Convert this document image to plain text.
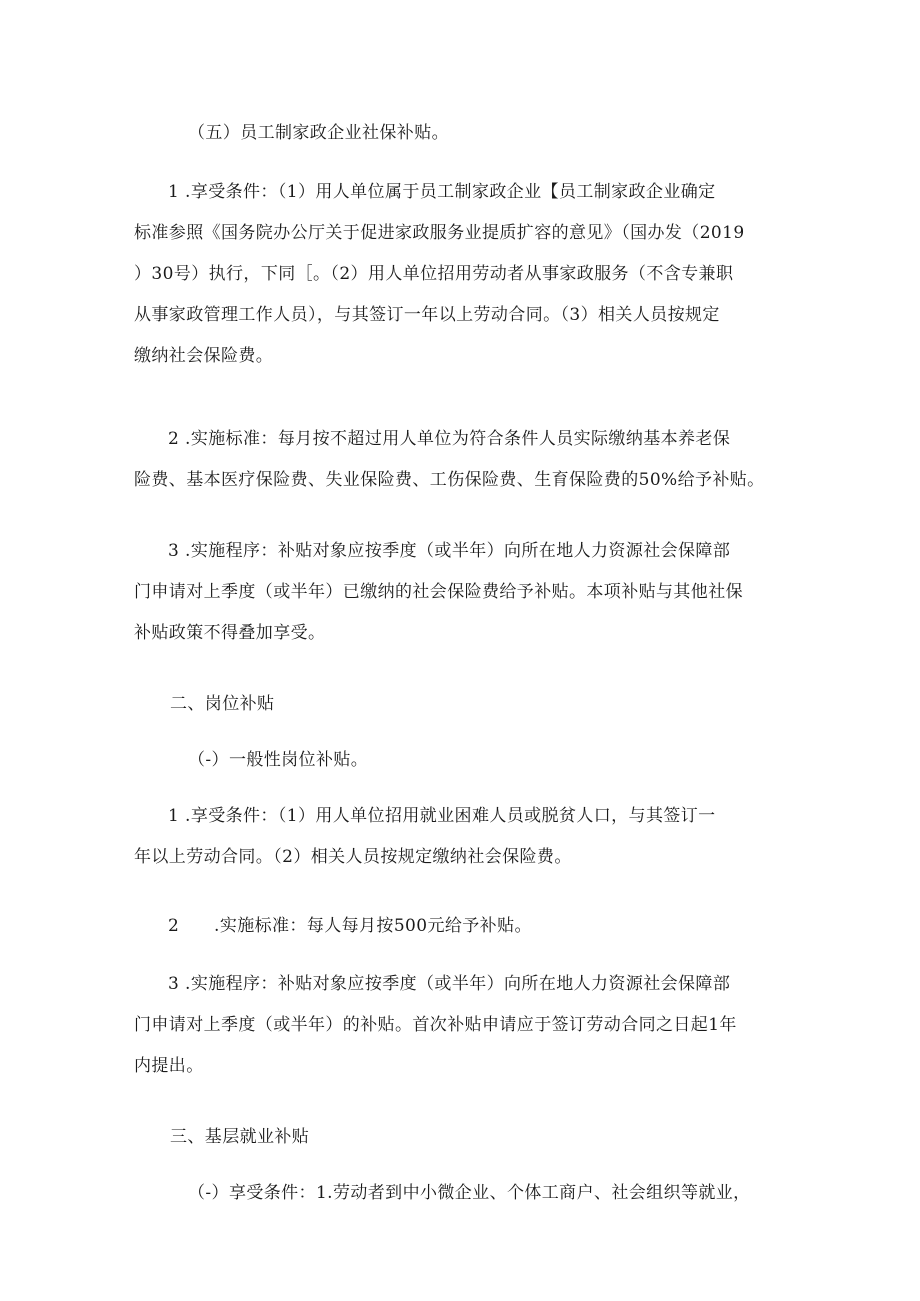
（五）员工制家政企业社保补贴。

1 .享受条件：（1）用人单位属于员工制家政企业【员工制家政企业确定
标准参照《国务院办公厅关于促进家政服务业提质扩容的意见》（国办发（2019
）30号）执行，下同［。（2）用人单位招用劳动者从事家政服务（不含专兼职
从事家政管理工作人员），与其签订一年以上劳动合同。（3）相关人员按规定
缴纳社会保险费。

2 .实施标准：每月按不超过用人单位为符合条件人员实际缴纳基本养老保
险费、基本医疗保险费、失业保险费、工伤保险费、生育保险费的50%给予补贴。

3 .实施程序：补贴对象应按季度（或半年）向所在地人力资源社会保障部
门申请对上季度（或半年）已缴纳的社会保险费给予补贴。本项补贴与其他社保
补贴政策不得叠加享受。

二、岗位补贴

（-）一般性岗位补贴。

1 .享受条件：（1）用人单位招用就业困难人员或脱贫人口，与其签订一
年以上劳动合同。（2）相关人员按规定缴纳社会保险费。

2　　.实施标准：每人每月按500元给予补贴。

3 .实施程序：补贴对象应按季度（或半年）向所在地人力资源社会保障部
门申请对上季度（或半年）的补贴。首次补贴申请应于签订劳动合同之日起1年
内提出。

三、基层就业补贴

（-）享受条件：1.劳动者到中小微企业、个体工商户、社会组织等就业，
